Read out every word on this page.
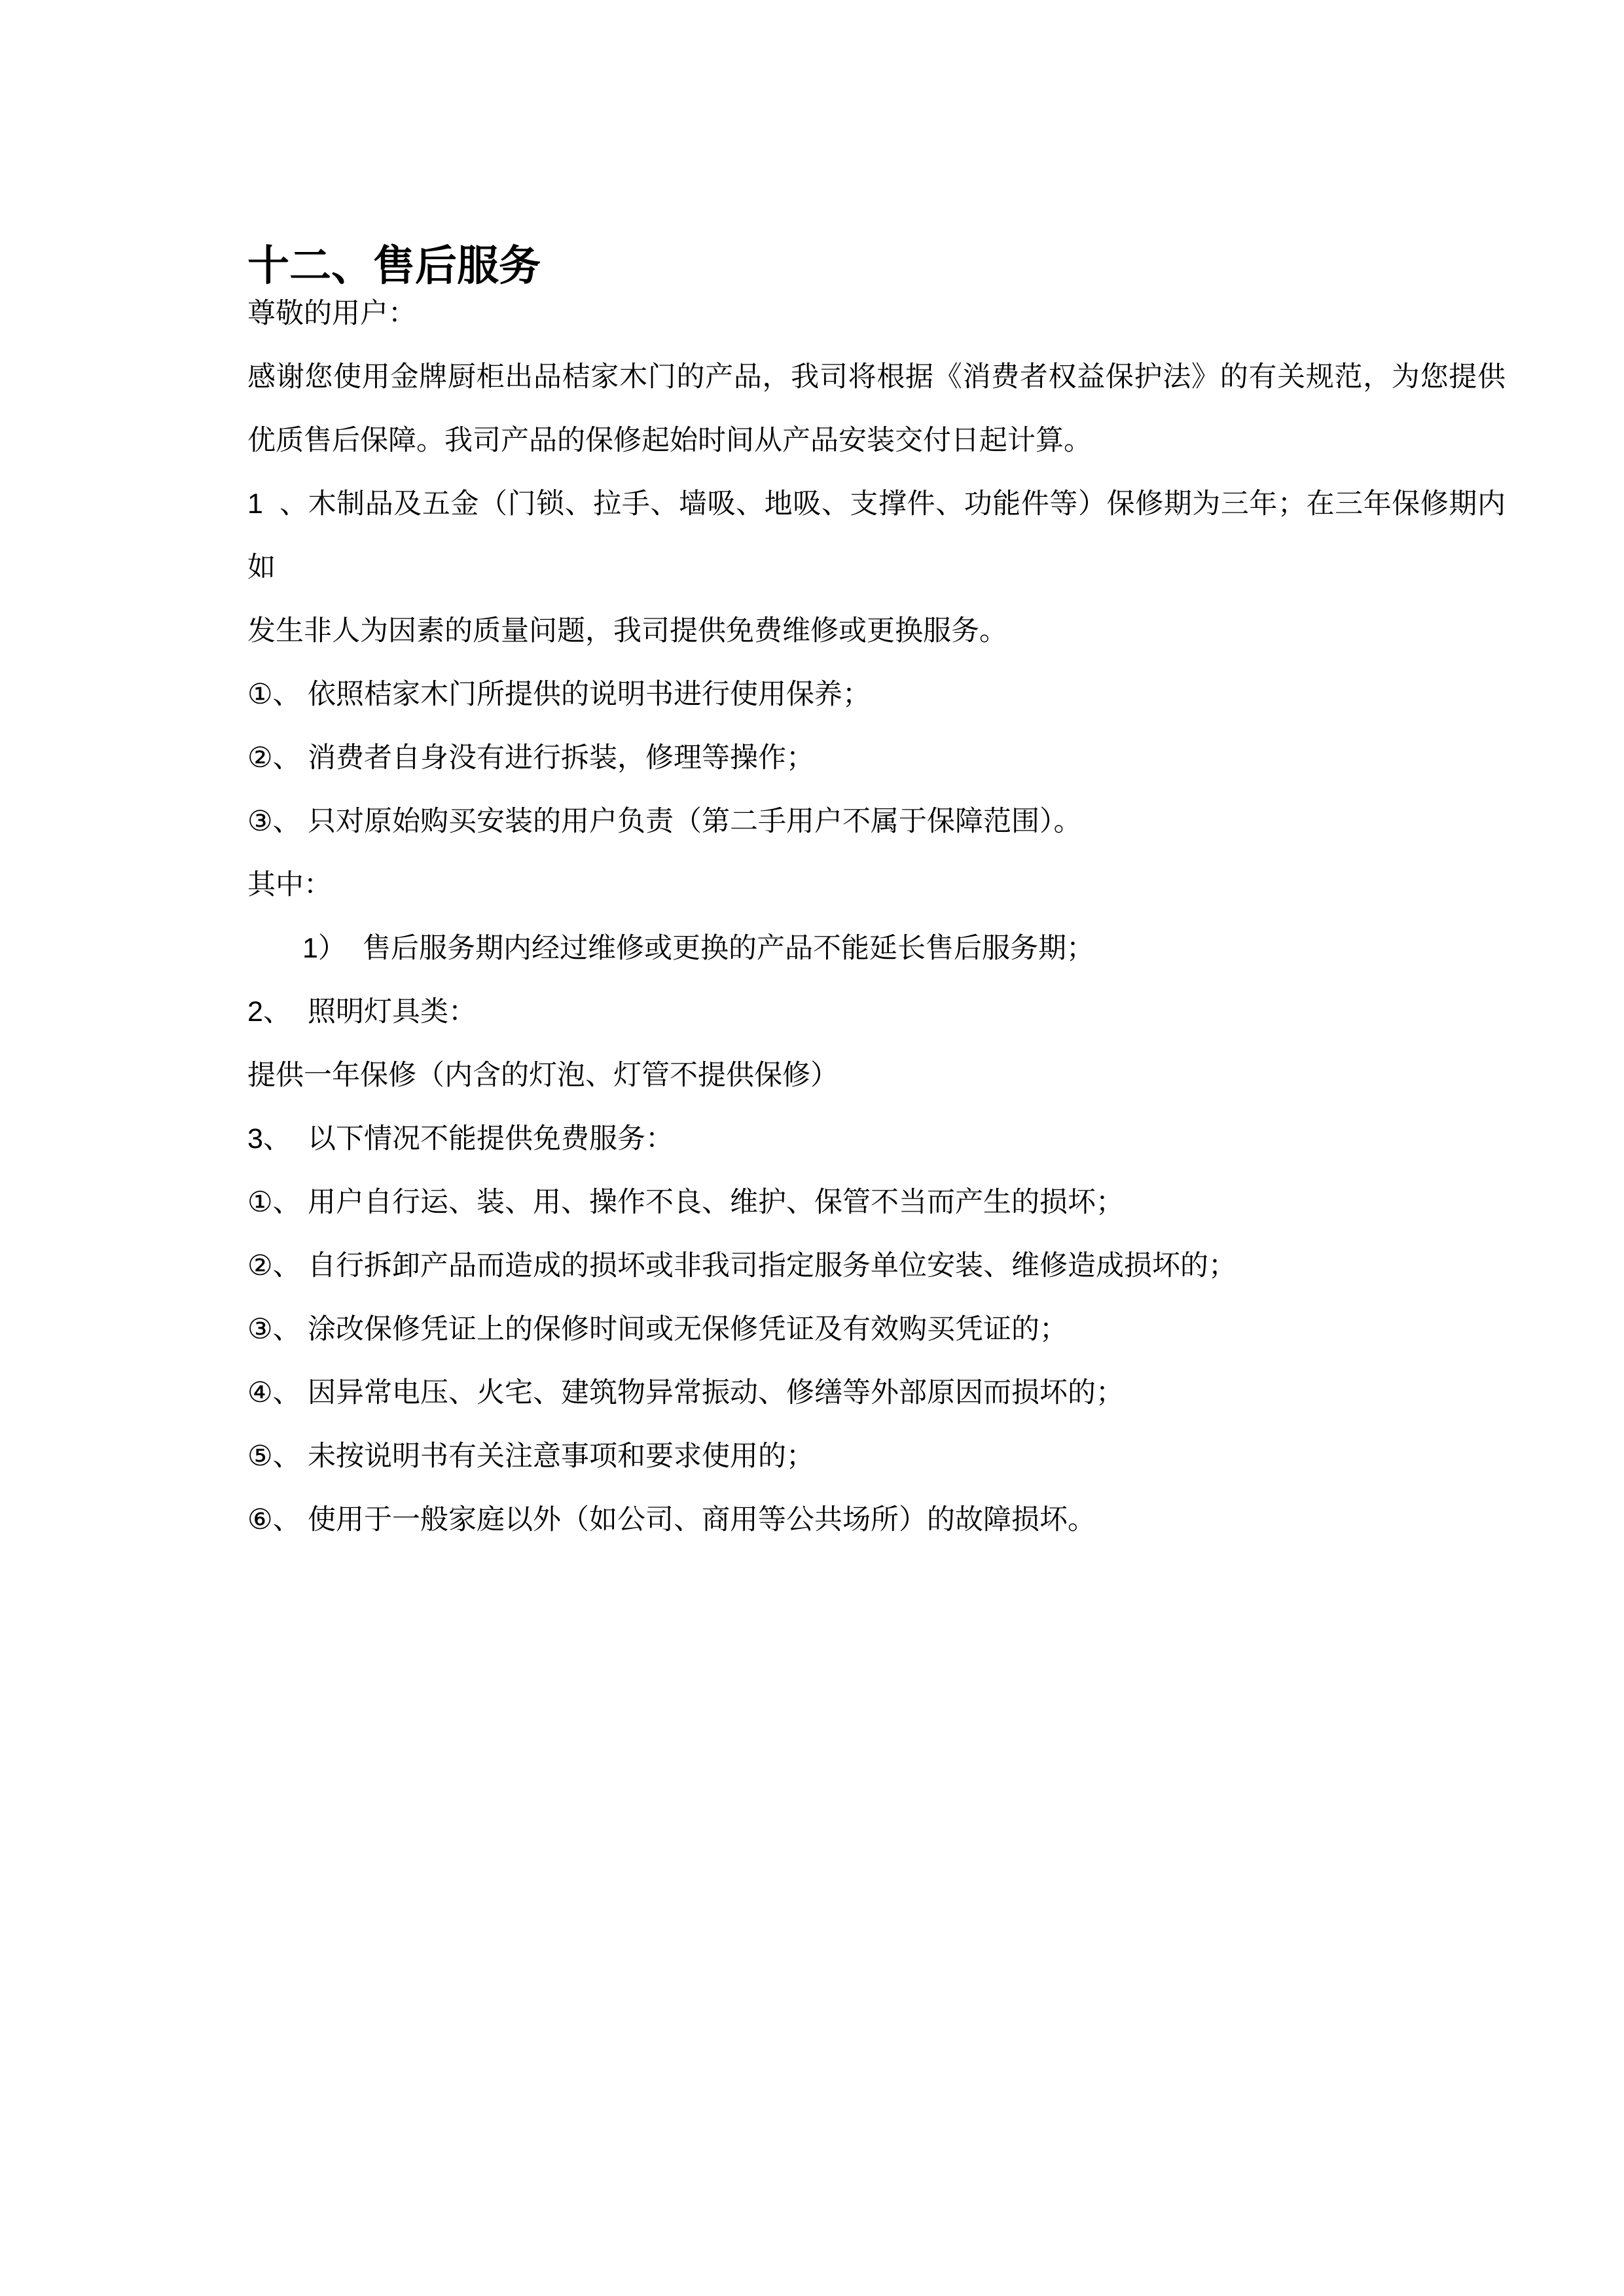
十二、售后服务
尊敬的用户：
感谢您使用金牌厨柜出品桔家木门的产品，我司将根据《消费者权益保护法》的有关规范，为您提供
优质售后保障。我司产品的保修起始时间从产品安装交付日起计算。
1、木制品及五金（门锁、拉手、墙吸、地吸、支撑件、功能件等）保修期为三年；在三年保修期内如
发生非人为因素的质量问题，我司提供免费维修或更换服务。
①、 依照桔家木门所提供的说明书进行使用保养；
②、 消费者自身没有进行拆装，修理等操作；
③、 只对原始购买安装的用户负责（第二手用户不属于保障范围）。
其中：
1） 售后服务期内经过维修或更换的产品不能延长售后服务期；
2、 照明灯具类：
提供一年保修（内含的灯泡、灯管不提供保修）
3、 以下情况不能提供免费服务：
①、 用户自行运、装、用、操作不良、维护、保管不当而产生的损坏；
②、 自行拆卸产品而造成的损坏或非我司指定服务单位安装、维修造成损坏的；
③、 涂改保修凭证上的保修时间或无保修凭证及有效购买凭证的；
④、 因异常电压、火宅、建筑物异常振动、修缮等外部原因而损坏的；
⑤、 未按说明书有关注意事项和要求使用的；
⑥、 使用于一般家庭以外（如公司、商用等公共场所）的故障损坏。
